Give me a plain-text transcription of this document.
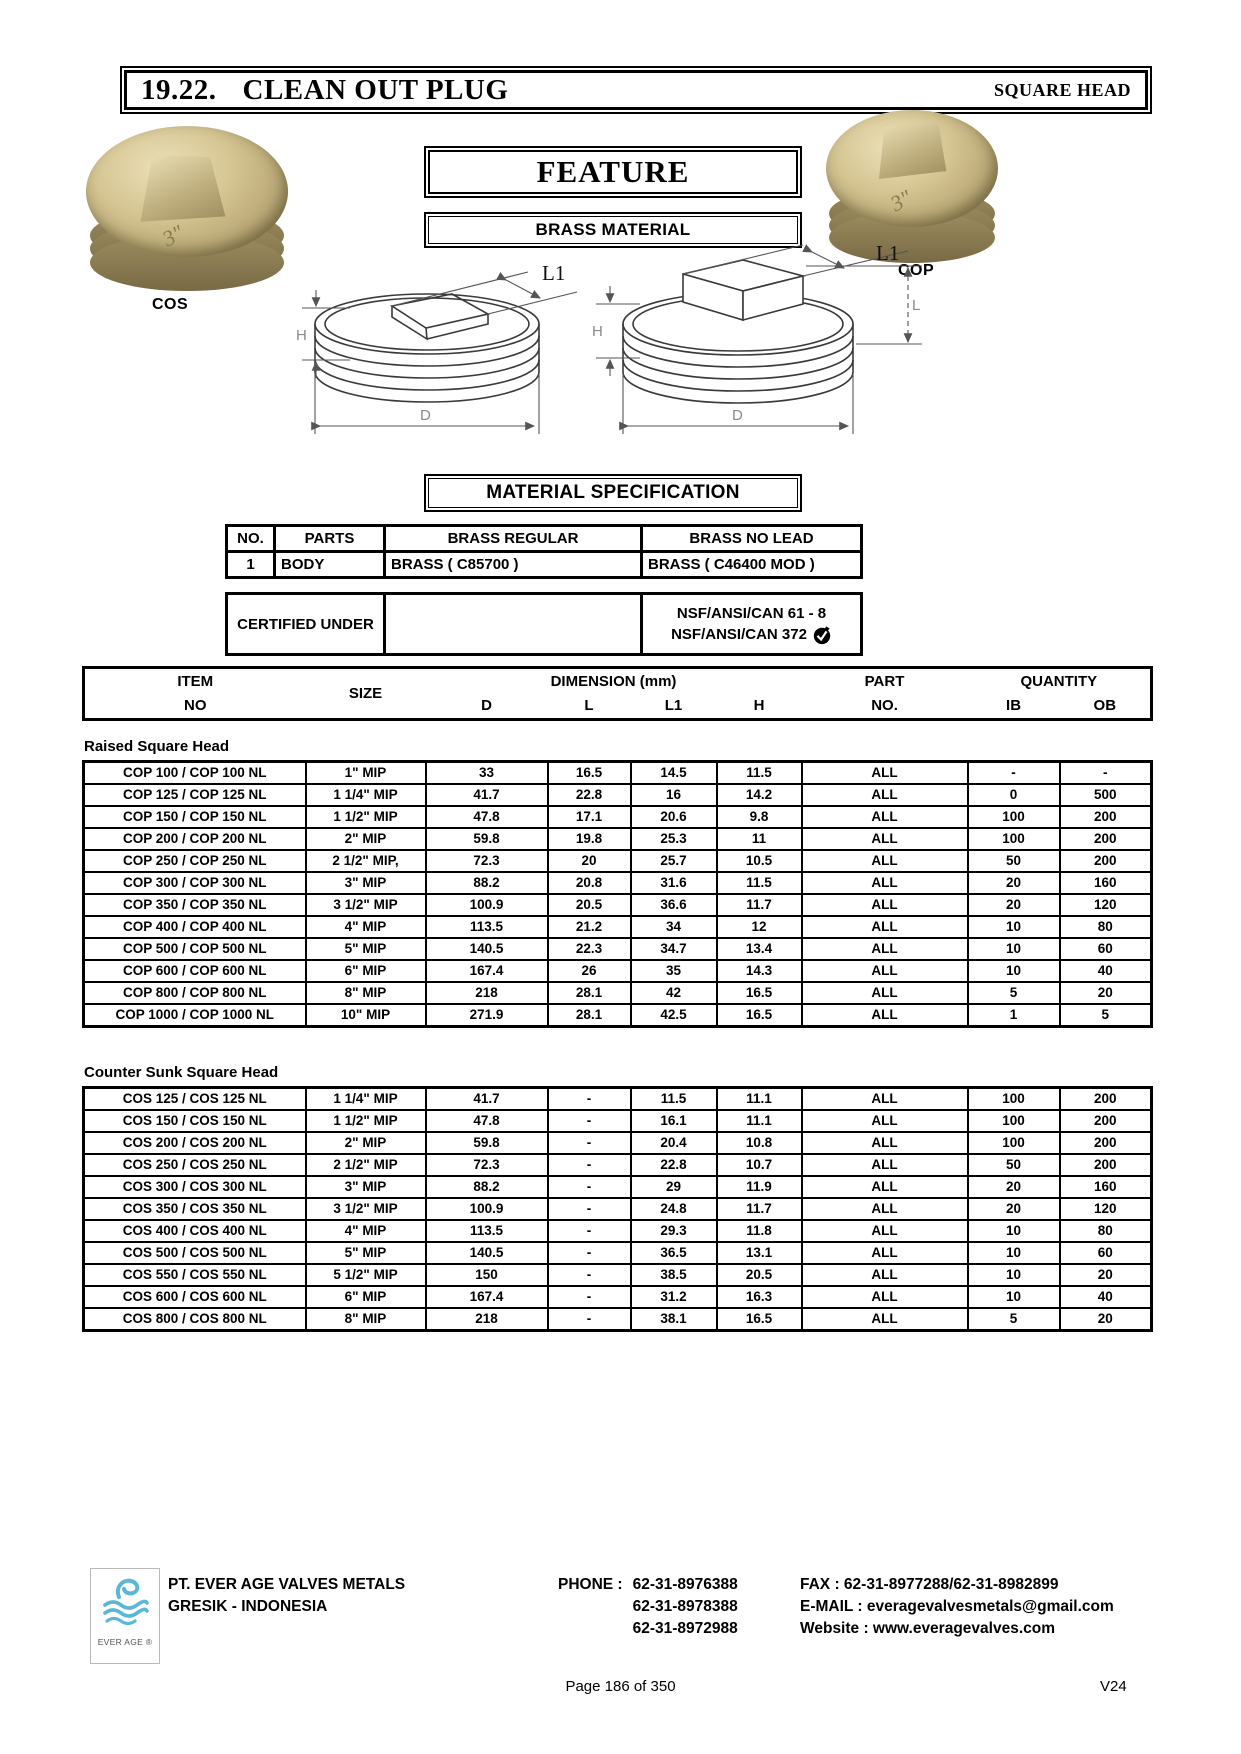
19.22. CLEAN OUT PLUG	SQUARE HEAD
3"
COS
3"
COP
FEATURE
BRASS MATERIAL
L1
H
D
L1
H
L
D
MATERIAL SPECIFICATION
NO.	PARTS	BRASS REGULAR	BRASS NO LEAD
1	BODY	BRASS ( C85700 )	BRASS ( C46400 MOD )
CERTIFIED UNDER		
NSF/ANSI/CAN 61 - 8
NSF/ANSI/CAN 372
ITEM	SIZE	DIMENSION (mm)				PART	QUANTITY	
NO		D	L	L1	H	NO.	IB	OB
Raised Square Head
COP 100 / COP 100 NL	1" MIP	33	16.5	14.5	11.5	ALL	-	-
COP 125 / COP 125 NL	1 1/4" MIP	41.7	22.8	16	14.2	ALL	0	500
COP 150 / COP 150 NL	1 1/2" MIP	47.8	17.1	20.6	9.8	ALL	100	200
COP 200 / COP 200 NL	2" MIP	59.8	19.8	25.3	11	ALL	100	200
COP 250 / COP 250 NL	2 1/2" MIP,	72.3	20	25.7	10.5	ALL	50	200
COP 300 / COP 300 NL	3" MIP	88.2	20.8	31.6	11.5	ALL	20	160
COP 350 / COP 350 NL	3 1/2" MIP	100.9	20.5	36.6	11.7	ALL	20	120
COP 400 / COP 400 NL	4" MIP	113.5	21.2	34	12	ALL	10	80
COP 500 / COP 500 NL	5" MIP	140.5	22.3	34.7	13.4	ALL	10	60
COP 600 / COP 600 NL	6" MIP	167.4	26	35	14.3	ALL	10	40
COP 800 / COP 800 NL	8" MIP	218	28.1	42	16.5	ALL	5	20
COP 1000 / COP 1000 NL	10" MIP	271.9	28.1	42.5	16.5	ALL	1	5
Counter Sunk Square Head
COS 125 / COS 125 NL	1 1/4" MIP	41.7	-	11.5	11.1	ALL	100	200
COS 150 / COS 150 NL	1 1/2" MIP	47.8	-	16.1	11.1	ALL	100	200
COS 200 / COS 200 NL	2" MIP	59.8	-	20.4	10.8	ALL	100	200
COS 250 / COS 250 NL	2 1/2" MIP	72.3	-	22.8	10.7	ALL	50	200
COS 300 / COS 300 NL	3" MIP	88.2	-	29	11.9	ALL	20	160
COS 350 / COS 350 NL	3 1/2" MIP	100.9	-	24.8	11.7	ALL	20	120
COS 400 / COS 400 NL	4" MIP	113.5	-	29.3	11.8	ALL	10	80
COS 500 / COS 500 NL	5" MIP	140.5	-	36.5	13.1	ALL	10	60
COS 550 / COS 550 NL	5 1/2" MIP	150	-	38.5	20.5	ALL	10	20
COS 600 / COS 600 NL	6" MIP	167.4	-	31.2	16.3	ALL	10	40
COS 800 / COS 800 NL	8" MIP	218	-	38.1	16.5	ALL	5	20
EVER AGE ®
PT. EVER AGE VALVES METALS
GRESIK - INDONESIA
PHONE : 62-31-8976388
62-31-8978388
62-31-8972988
FAX : 62-31-8977288/62-31-8982899
E-MAIL : everagevalvesmetals@gmail.com
Website : www.everagevalves.com
Page 186 of 350	V24
